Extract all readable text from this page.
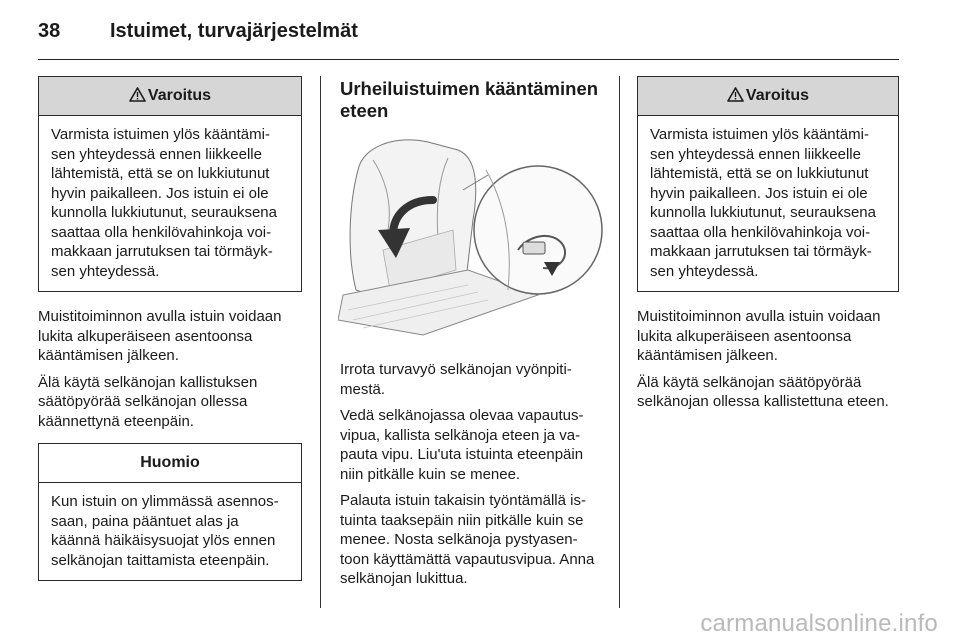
38 Istuimet, turvajärjestelmät
Varoitus
Varmista istuimen ylös kääntämi-sen yhteydessä ennen liikkeelle lähtemistä, että se on lukkiutunut hyvin paikalleen. Jos istuin ei ole kunnolla lukkiutunut, seurauksena saattaa olla henkilövahinkoja voi-makkaan jarrutuksen tai törmäyk-sen yhteydessä.

Muistitoiminnon avulla istuin voidaan lukita alkuperäiseen asentoonsa kääntämisen jälkeen.

Älä käytä selkänojan kallistuksen säätöpyörää selkänojan ollessa käännettynä eteenpäin.

Huomio
Kun istuin on ylimmässä asennos-saan, paina pääntuet alas ja käännä häikäisysuojat ylös ennen selkänojan taittamista eteenpäin.
Urheiluistuimen kääntäminen eteen

Irrota turvavyö selkänojan vyönpiti-mestä.

Vedä selkänojassa olevaa vapautus-vipua, kallista selkänoja eteen ja va-pauta vipu. Liu'uta istuinta eteenpäin niin pitkälle kuin se menee.

Palauta istuin takaisin työntämällä is-tuinta taaksepäin niin pitkälle kuin se menee. Nosta selkänoja pystyasen-toon käyttämättä vapautusvipua. Anna selkänojan lukittua.

Varoitus
Varmista istuimen ylös kääntämi-sen yhteydessä ennen liikkeelle lähtemistä, että se on lukkiutunut hyvin paikalleen. Jos istuin ei ole kunnolla lukkiutunut, seurauksena saattaa olla henkilövahinkoja voi-makkaan jarrutuksen tai törmäyk-sen yhteydessä.

Muistitoiminnon avulla istuin voidaan lukita alkuperäiseen asentoonsa kääntämisen jälkeen.

Älä käytä selkänojan säätöpyörää selkänojan ollessa kallistettuna eteen.

carmanualsonline.info
